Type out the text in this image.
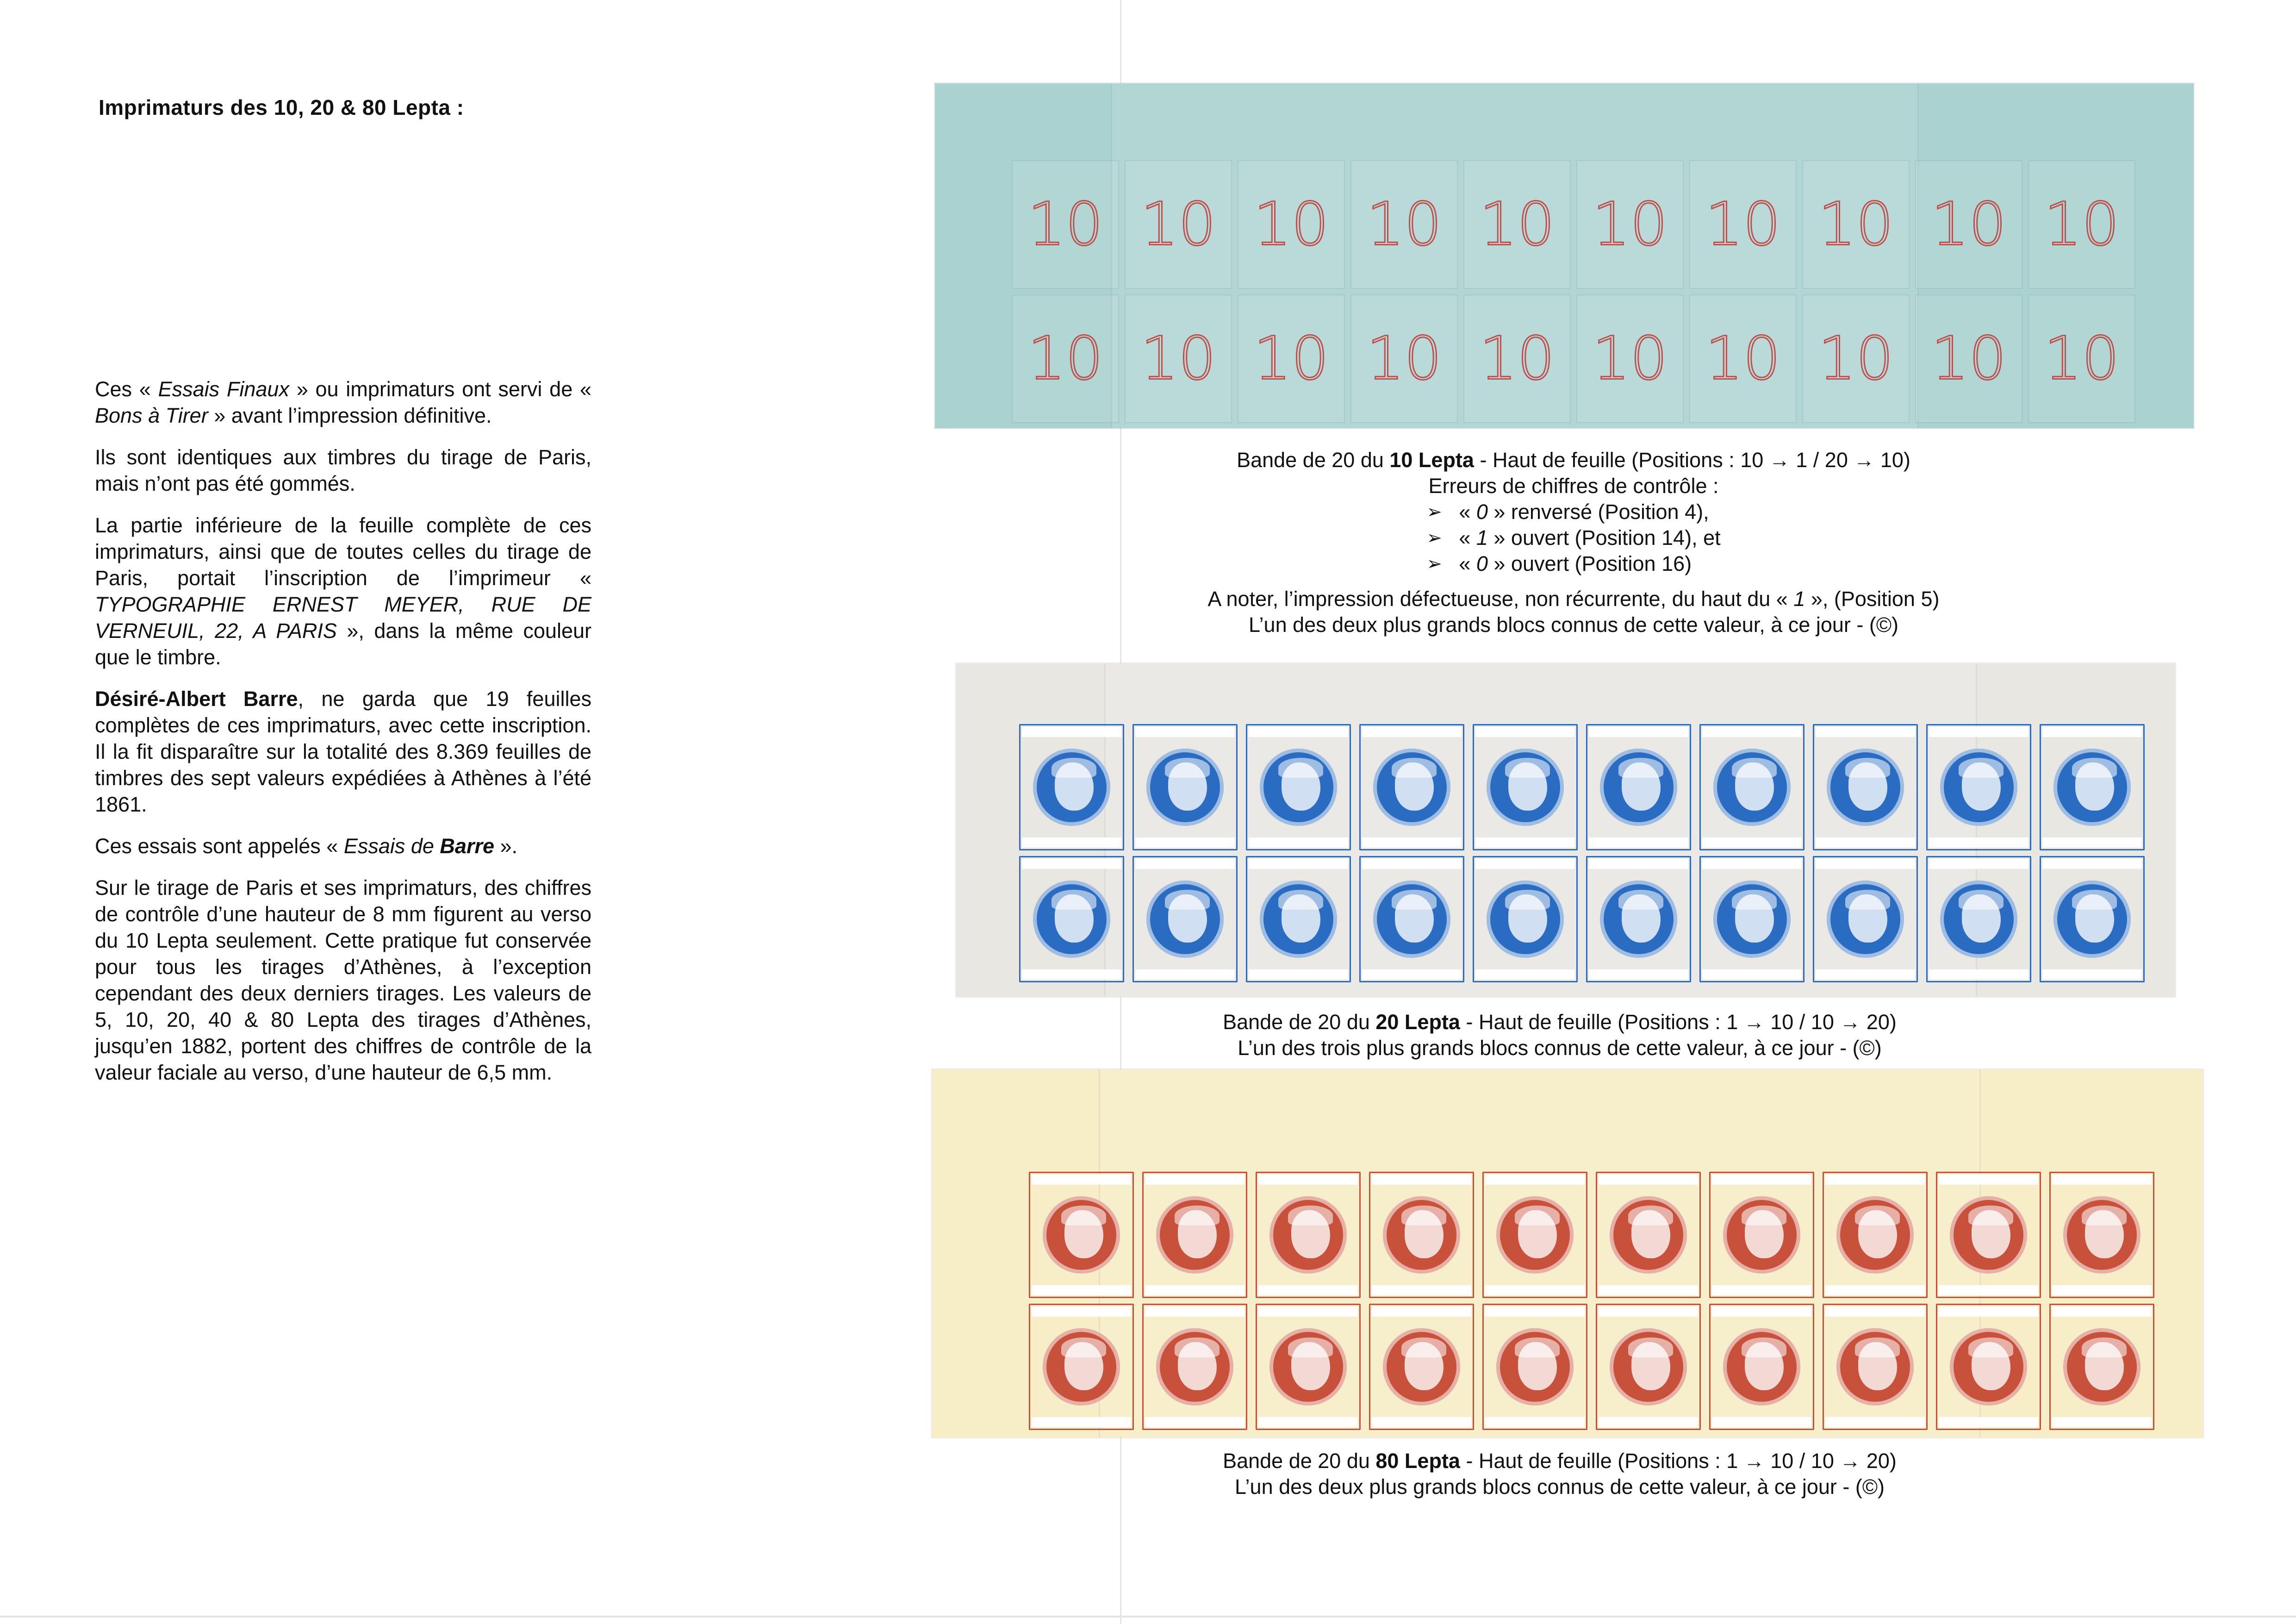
Imprimaturs des 10, 20 & 80 Lepta :

Ces « Essais Finaux » ou imprimaturs ont servi de « Bons à Tirer » avant l’impression définitive.

Ils sont identiques aux timbres du tirage de Paris, mais n’ont pas été gommés.

La partie inférieure de la feuille complète de ces imprimaturs, ainsi que de toutes celles du tirage de Paris, portait l’inscription de l’imprimeur « TYPOGRAPHIE ERNEST MEYER, RUE DE VERNEUIL, 22, A PARIS », dans la même couleur que le timbre.

Désiré-Albert Barre, ne garda que 19 feuilles complètes de ces imprimaturs, avec cette inscription. Il la fit disparaître sur la totalité des 8.369 feuilles de timbres des sept valeurs expédiées à Athènes à l’été 1861.

Ces essais sont appelés « Essais de Barre ».

Sur le tirage de Paris et ses imprimaturs, des chiffres de contrôle d’une hauteur de 8 mm figurent au verso du 10 Lepta seulement. Cette pratique fut conservée pour tous les tirages d’Athènes, à l’exception cependant des deux derniers tirages. Les valeurs de 5, 10, 20, 40 & 80 Lepta des tirages d’Athènes, jusqu’en 1882, portent des chiffres de contrôle de la valeur faciale au verso, d’une hauteur de 6,5 mm.

10 10 10 10 10 10 10 10 10 10
10 10 10 10 10 10 10 10 10 10
Bande de 20 du 10 Lepta - Haut de feuille (Positions : 10 → 1 / 20 → 10)
Erreurs de chiffres de contrôle :
➢ « 0 » renversé (Position 4),
➢ « 1 » ouvert (Position 14), et
➢ « 0 » ouvert (Position 16)
A noter, l’impression défectueuse, non récurrente, du haut du « 1 », (Position 5)
L’un des deux plus grands blocs connus de cette valeur, à ce jour - (©)
ΕΛΛ · ΓΡΑΜΜ
20 · ΛΕΠΤ · 20
ΕΛΛ · ΓΡΑΜΜ
20 · ΛΕΠΤ · 20
ΕΛΛ · ΓΡΑΜΜ
20 · ΛΕΠΤ · 20
ΕΛΛ · ΓΡΑΜΜ
20 · ΛΕΠΤ · 20
ΕΛΛ · ΓΡΑΜΜ
20 · ΛΕΠΤ · 20
ΕΛΛ · ΓΡΑΜΜ
20 · ΛΕΠΤ · 20
ΕΛΛ · ΓΡΑΜΜ
20 · ΛΕΠΤ · 20
ΕΛΛ · ΓΡΑΜΜ
20 · ΛΕΠΤ · 20
ΕΛΛ · ΓΡΑΜΜ
20 · ΛΕΠΤ · 20
ΕΛΛ · ΓΡΑΜΜ
20 · ΛΕΠΤ · 20
ΕΛΛ · ΓΡΑΜΜ
20 · ΛΕΠΤ · 20
ΕΛΛ · ΓΡΑΜΜ
20 · ΛΕΠΤ · 20
ΕΛΛ · ΓΡΑΜΜ
20 · ΛΕΠΤ · 20
ΕΛΛ · ΓΡΑΜΜ
20 · ΛΕΠΤ · 20
ΕΛΛ · ΓΡΑΜΜ
20 · ΛΕΠΤ · 20
ΕΛΛ · ΓΡΑΜΜ
20 · ΛΕΠΤ · 20
ΕΛΛ · ΓΡΑΜΜ
20 · ΛΕΠΤ · 20
ΕΛΛ · ΓΡΑΜΜ
20 · ΛΕΠΤ · 20
ΕΛΛ · ΓΡΑΜΜ
20 · ΛΕΠΤ · 20
ΕΛΛ · ΓΡΑΜΜ
20 · ΛΕΠΤ · 20
Bande de 20 du 20 Lepta - Haut de feuille (Positions : 1 → 10 / 10 → 20)
L’un des trois plus grands blocs connus de cette valeur, à ce jour - (©)
ΕΛΛ · ΓΡΑΜΜ
80 · ΛΕΠΤ · 80
ΕΛΛ · ΓΡΑΜΜ
80 · ΛΕΠΤ · 80
ΕΛΛ · ΓΡΑΜΜ
80 · ΛΕΠΤ · 80
ΕΛΛ · ΓΡΑΜΜ
80 · ΛΕΠΤ · 80
ΕΛΛ · ΓΡΑΜΜ
80 · ΛΕΠΤ · 80
ΕΛΛ · ΓΡΑΜΜ
80 · ΛΕΠΤ · 80
ΕΛΛ · ΓΡΑΜΜ
80 · ΛΕΠΤ · 80
ΕΛΛ · ΓΡΑΜΜ
80 · ΛΕΠΤ · 80
ΕΛΛ · ΓΡΑΜΜ
80 · ΛΕΠΤ · 80
ΕΛΛ · ΓΡΑΜΜ
80 · ΛΕΠΤ · 80
ΕΛΛ · ΓΡΑΜΜ
80 · ΛΕΠΤ · 80
ΕΛΛ · ΓΡΑΜΜ
80 · ΛΕΠΤ · 80
ΕΛΛ · ΓΡΑΜΜ
80 · ΛΕΠΤ · 80
ΕΛΛ · ΓΡΑΜΜ
80 · ΛΕΠΤ · 80
ΕΛΛ · ΓΡΑΜΜ
80 · ΛΕΠΤ · 80
ΕΛΛ · ΓΡΑΜΜ
80 · ΛΕΠΤ · 80
ΕΛΛ · ΓΡΑΜΜ
80 · ΛΕΠΤ · 80
ΕΛΛ · ΓΡΑΜΜ
80 · ΛΕΠΤ · 80
ΕΛΛ · ΓΡΑΜΜ
80 · ΛΕΠΤ · 80
ΕΛΛ · ΓΡΑΜΜ
80 · ΛΕΠΤ · 80
Bande de 20 du 80 Lepta - Haut de feuille (Positions : 1 → 10 / 10 → 20)
L’un des deux plus grands blocs connus de cette valeur, à ce jour - (©)
